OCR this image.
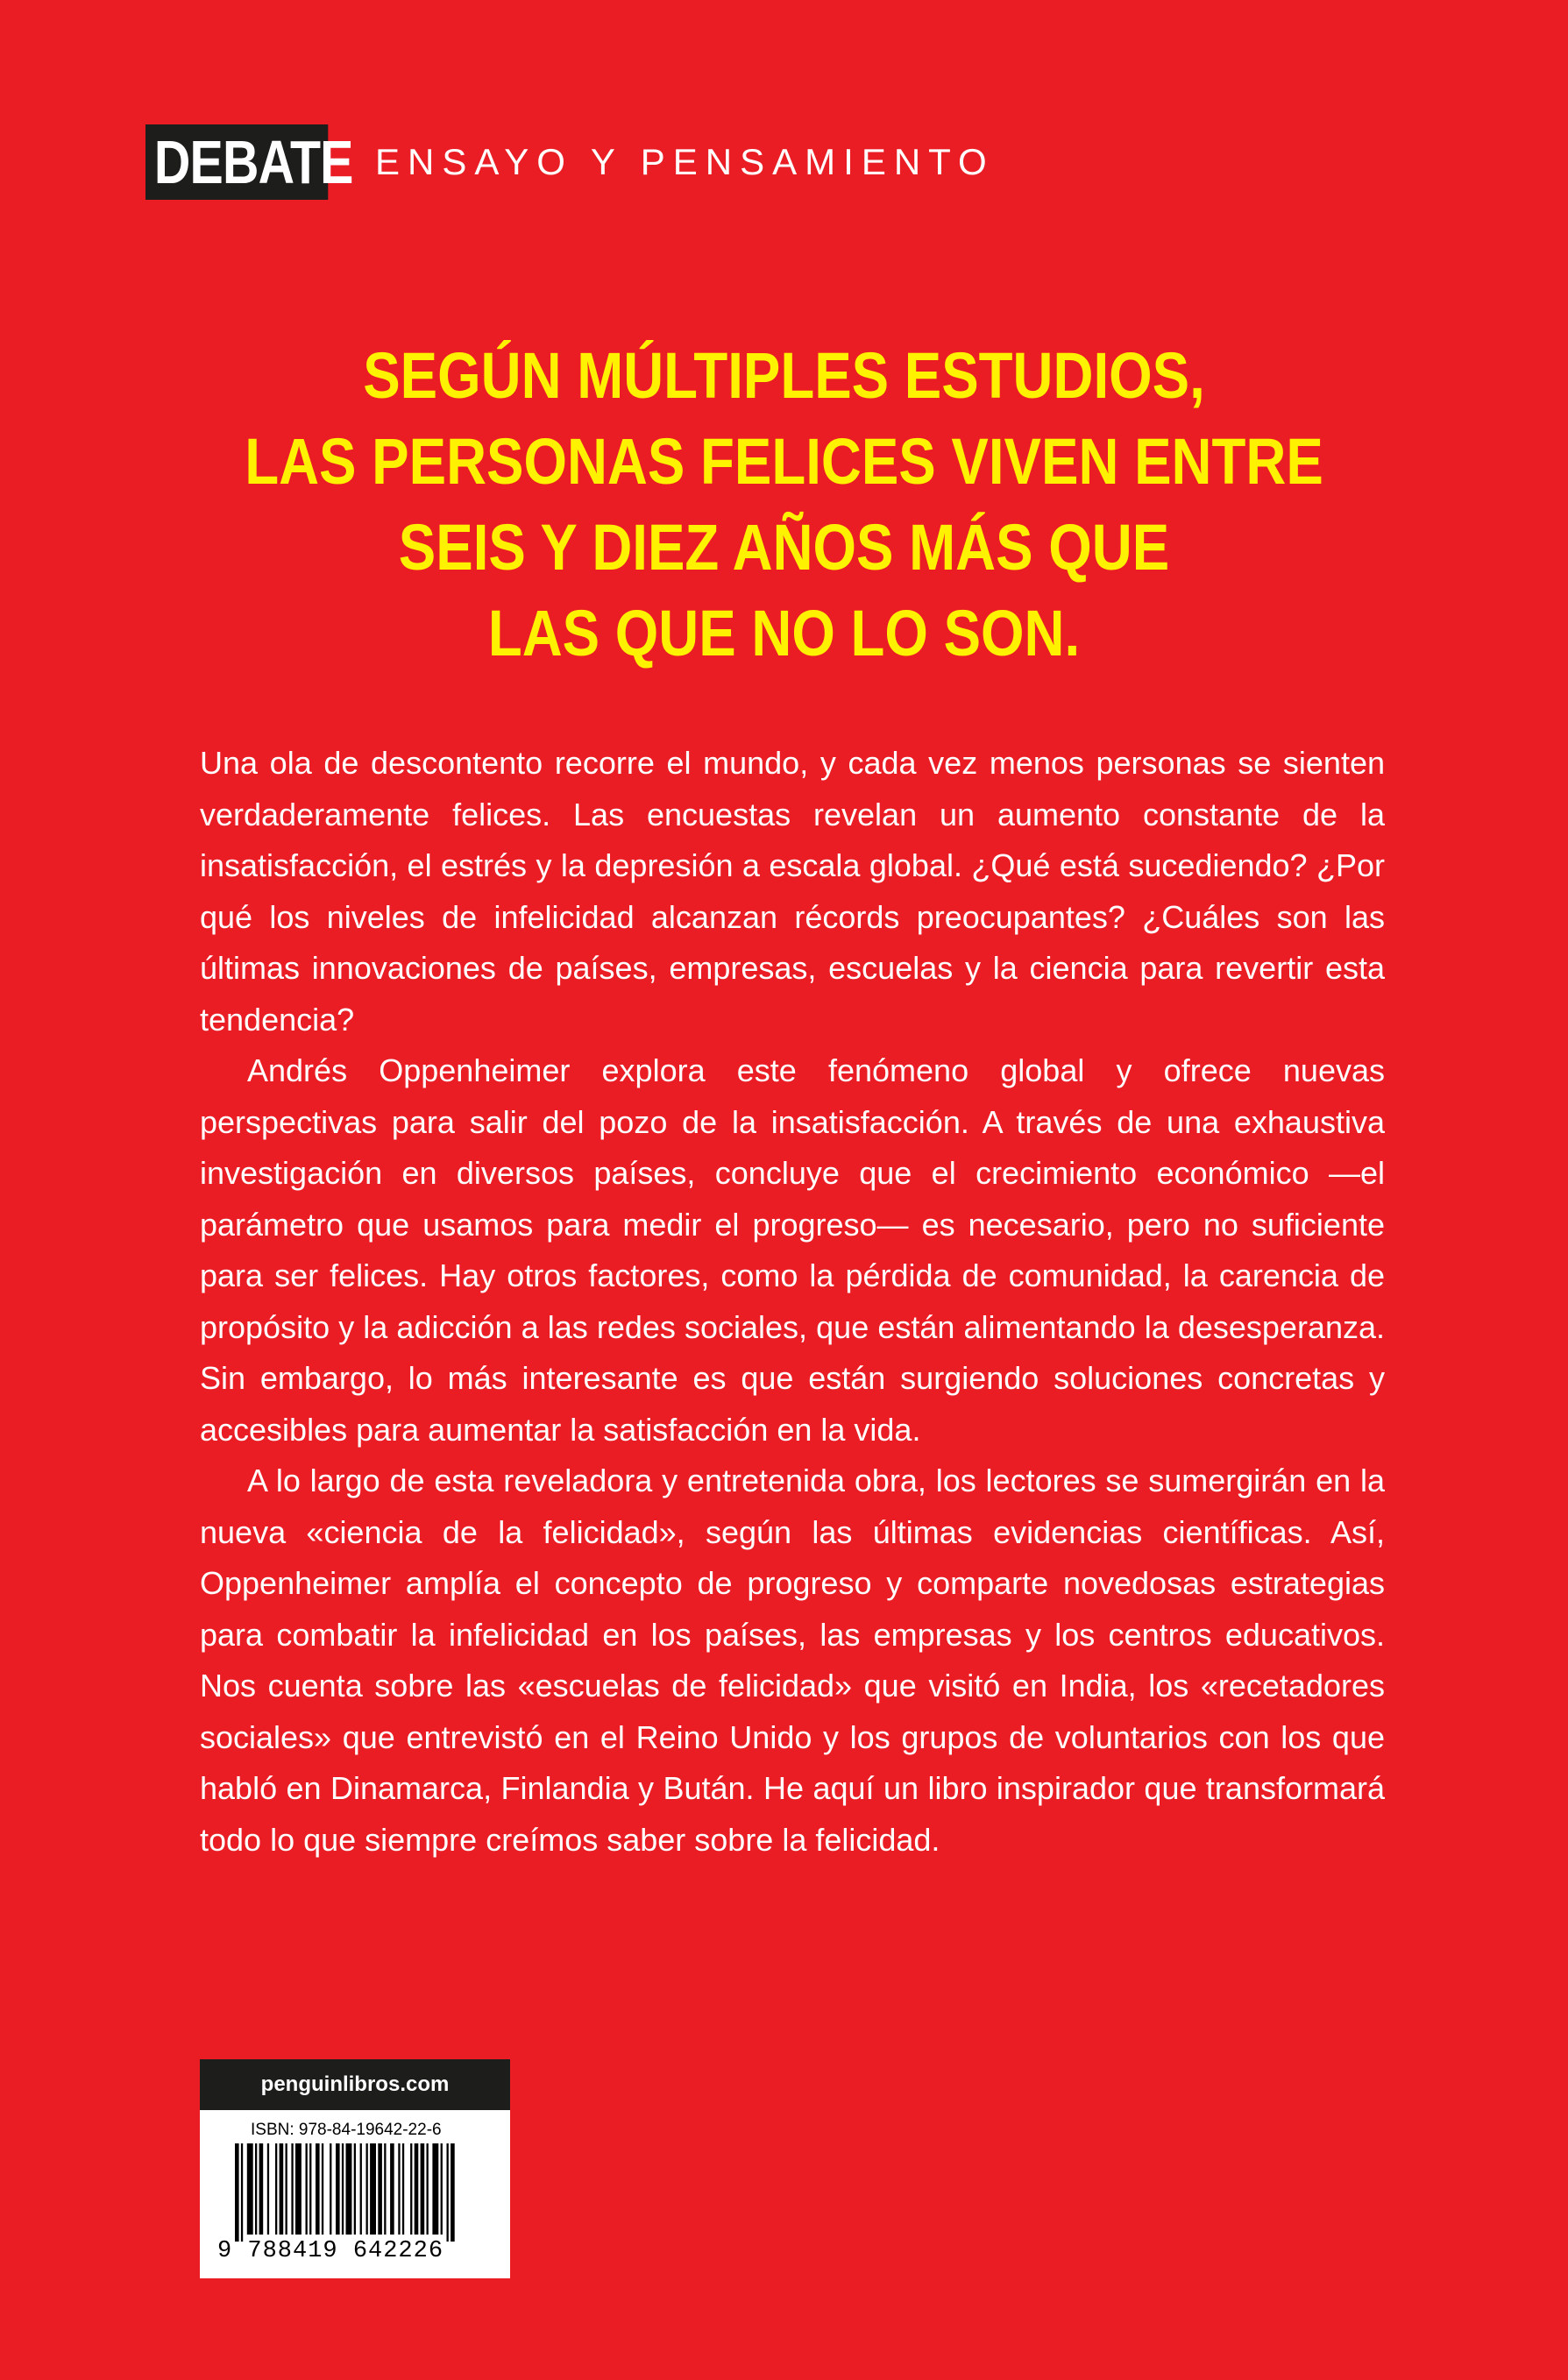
DEBATE ENSAYO Y PENSAMIENTO
SEGÚN MÚLTIPLES ESTUDIOS,
LAS PERSONAS FELICES VIVEN ENTRE
SEIS Y DIEZ AÑOS MÁS QUE
LAS QUE NO LO SON.

Una ola de descontento recorre el mundo, y cada vez menos personas se sienten verdaderamente felices. Las encuestas revelan un aumento constante de la insatisfacción, el estrés y la depresión a escala global. ¿Qué está sucediendo? ¿Por qué los niveles de infelicidad alcanzan récords preocupantes? ¿Cuáles son las últimas innovaciones de países, empresas, escuelas y la ciencia para revertir esta tendencia?

Andrés Oppenheimer explora este fenómeno global y ofrece nuevas perspectivas para salir del pozo de la insatisfacción. A través de una exhaustiva investigación en diversos países, concluye que el crecimiento económico —el parámetro que usamos para medir el progreso— es necesario, pero no suficiente para ser felices. Hay otros factores, como la pérdida de comunidad, la carencia de propósito y la adicción a las redes sociales, que están alimentando la desesperanza. Sin embargo, lo más interesante es que están surgiendo soluciones concretas y accesibles para aumentar la satisfacción en la vida.

A lo largo de esta reveladora y entretenida obra, los lectores se sumergirán en la nueva «ciencia de la felicidad», según las últimas evidencias científicas. Así, Oppenheimer amplía el concepto de progreso y comparte novedosas estrategias para combatir la infelicidad en los países, las empresas y los centros educativos. Nos cuenta sobre las «escuelas de felicidad» que visitó en India, los «recetadores sociales» que entrevistó en el Reino Unido y los grupos de voluntarios con los que habló en Dinamarca, Finlandia y Bután. He aquí un libro inspirador que transformará todo lo que siempre creímos saber sobre la felicidad.

penguinlibros.com
ISBN: 978-84-19642-22-6
9 788419 642226
